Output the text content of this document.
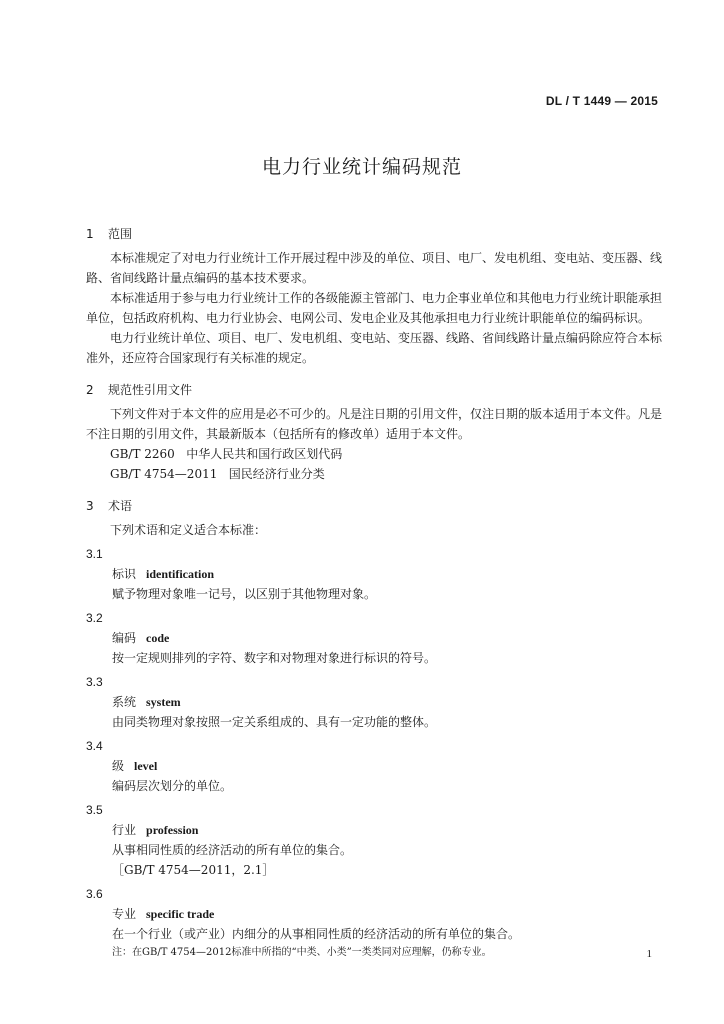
DL / T 1449 — 2015
电力行业统计编码规范
1 范围

本标准规定了对电力行业统计工作开展过程中涉及的单位、项目、电厂、发电机组、变电站、变压器、线路、省间线路计量点编码的基本技术要求。

本标准适用于参与电力行业统计工作的各级能源主管部门、电力企事业单位和其他电力行业统计职能承担单位，包括政府机构、电力行业协会、电网公司、发电企业及其他承担电力行业统计职能单位的编码标识。

电力行业统计单位、项目、电厂、发电机组、变电站、变压器、线路、省间线路计量点编码除应符合本标准外，还应符合国家现行有关标准的规定。

2 规范性引用文件

下列文件对于本文件的应用是必不可少的。凡是注日期的引用文件，仅注日期的版本适用于本文件。凡是不注日期的引用文件，其最新版本（包括所有的修改单）适用于本文件。

GB/T 2260 中华人民共和国行政区划代码

GB/T 4754—2011 国民经济行业分类

3 术语

下列术语和定义适合本标准：

3.1
标识 identification
赋予物理对象唯一记号，以区别于其他物理对象。
3.2
编码 code
按一定规则排列的字符、数字和对物理对象进行标识的符号。
3.3
系统 system
由同类物理对象按照一定关系组成的、具有一定功能的整体。
3.4
级 level
编码层次划分的单位。
3.5
行业 profession
从事相同性质的经济活动的所有单位的集合。
［GB/T 4754—2011，2.1］
3.6
专业 specific trade
在一个行业（或产业）内细分的从事相同性质的经济活动的所有单位的集合。
注：在GB/T 4754—2012标准中所指的“中类、小类”一类类同对应理解，仍称专业。	1
